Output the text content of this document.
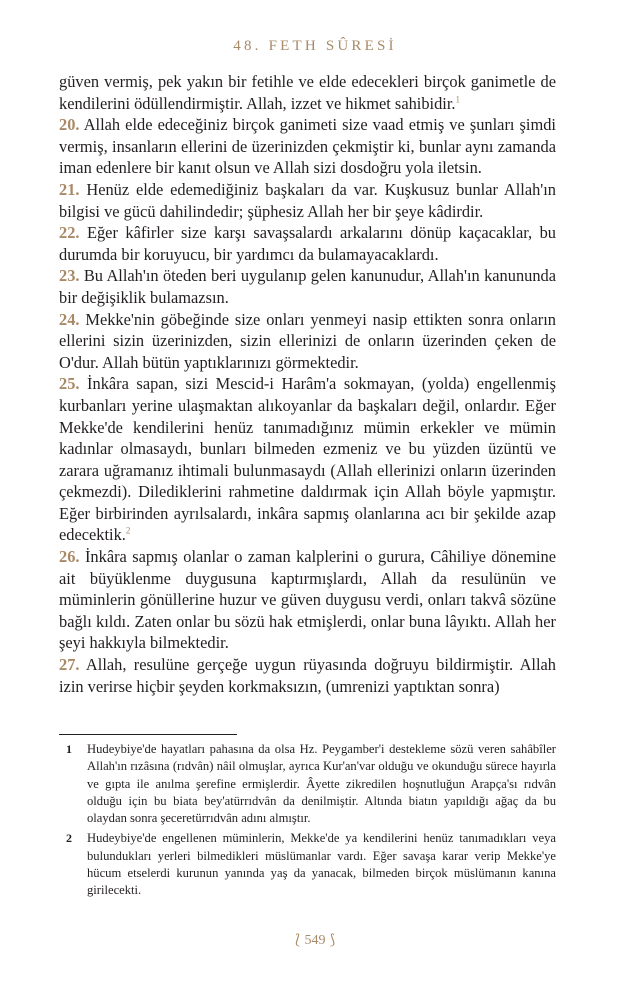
48. FETH SÛRESİ

güven vermiş, pek yakın bir fetihle ve elde edecekleri birçok ganimetle de kendilerini ödüllendirmiştir. Allah, izzet ve hikmet sahibidir.$^1$

20. Allah elde edeceğiniz birçok ganimeti size vaad etmiş ve şunları şimdi vermiş, insanların ellerini de üzerinizden çekmiştir ki, bunlar aynı zamanda iman edenlere bir kanıt olsun ve Allah sizi dosdoğru yola iletsin.

21. Henüz elde edemediğiniz başkaları da var. Kuşkusuz bunlar Allah'ın bilgisi ve gücü dahilindedir; şüphesiz Allah her bir şeye kâdirdir.

22. Eğer kâfirler size karşı savaşsalardı arkalarını dönüp kaçacaklar, bu durumda bir koruyucu, bir yardımcı da bulamayacaklardı.

23. Bu Allah'ın öteden beri uygulanıp gelen kanunudur, Allah'ın kanununda bir değişiklik bulamazsın.

24. Mekke'nin göbeğinde size onları yenmeyi nasip ettikten sonra onların ellerini sizin üzerinizden, sizin ellerinizi de onların üzerinden çeken de O'dur. Allah bütün yaptıklarınızı görmektedir.

25. İnkâra sapan, sizi Mescid-i Harâm'a sokmayan, (yolda) engellenmiş kurbanları yerine ulaşmaktan alıkoyanlar da başkaları değil, onlardır. Eğer Mekke'de kendilerini henüz tanımadığınız mümin erkekler ve mümin kadınlar olmasaydı, bunları bilmeden ezmeniz ve bu yüzden üzüntü ve zarara uğramanız ihtimali bulunmasaydı (Allah ellerinizi onların üzerinden çekmezdi). Dilediklerini rahmetine daldırmak için Allah böyle yapmıştır. Eğer birbirinden ayrılsalardı, inkâra sapmış olanlarına acı bir şekilde azap edecektik.$^2$

26. İnkâra sapmış olanlar o zaman kalplerini o gurura, Câhiliye dönemine ait büyüklenme duygusuna kaptırmışlardı, Allah da resulünün ve müminlerin gönüllerine huzur ve güven duygusu verdi, onları takvâ sözüne bağlı kıldı. Zaten onlar bu sözü hak etmişlerdi, onlar buna lâyıktı. Allah her şeyi hakkıyla bilmektedir.

27. Allah, resulüne gerçeğe uygun rüyasında doğruyu bildirmiştir. Allah izin verirse hiçbir şeyden korkmaksızın, (umrenizi yaptıktan sonra)

1	Hudeybiye'de hayatları pahasına da olsa Hz. Peygamber'i destekleme sözü veren sahâbîler Allah'ın rızâsına (rıdvân) nâil olmuşlar, ayrıca Kur'an'var olduğu ve okunduğu sürece hayırla ve gıpta ile anılma şerefine ermişlerdir. Âyette zikredilen hoşnutluğun Arapça'sı rıdvân olduğu için bu biata bey'atürrıdvân da denilmiştir. Altında biatın yapıldığı ağaç da bu olaydan sonra şeceretürrıdvân adını almıştır.
2	Hudeybiye'de engellenen müminlerin, Mekke'de ya kendilerini henüz tanımadıkları veya bulundukları yerleri bilmedikleri müslümanlar vardı. Eğer savaşa karar verip Mekke'ye hücum etselerdi kurunun yanında yaş da yanacak, bilmeden birçok müslümanın kanına girilecekti.
⟅ 549 ⟆
